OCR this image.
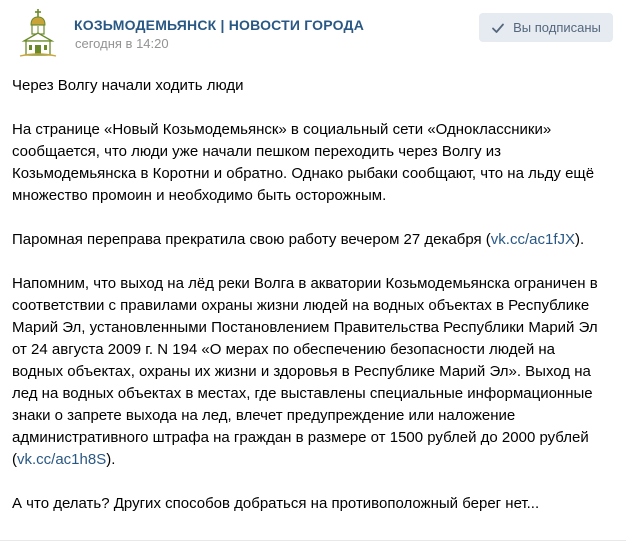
КОЗЬМОДЕМЬЯНСК | НОВОСТИ ГОРОДА
сегодня в 14:20
Вы подписаны
Через Волгу начали ходить люди
На странице «Новый Козьмодемьянск» в социальный сети «Одноклассники»
сообщается, что люди уже начали пешком переходить через Волгу из
Козьмодемьянска в Коротни и обратно. Однако рыбаки сообщают, что на льду ещё
множество промоин и необходимо быть осторожным.
Паромная переправа прекратила свою работу вечером 27 декабря (vk.cc/ac1fJX).
Напомним, что выход на лёд реки Волга в акватории Козьмодемьянска ограничен в
соответствии с правилами охраны жизни людей на водных объектах в Республике
Марий Эл, установленными Постановлением Правительства Республики Марий Эл
от 24 августа 2009 г. N 194 «О мерах по обеспечению безопасности людей на
водных объектах, охраны их жизни и здоровья в Республике Марий Эл». Выход на
лед на водных объектах в местах, где выставлены специальные информационные
знаки о запрете выхода на лед, влечет предупреждение или наложение
административного штрафа на граждан в размере от 1500 рублей до 2000 рублей
(vk.cc/ac1h8S).
А что делать? Других способов добраться на противоположный берег нет...
